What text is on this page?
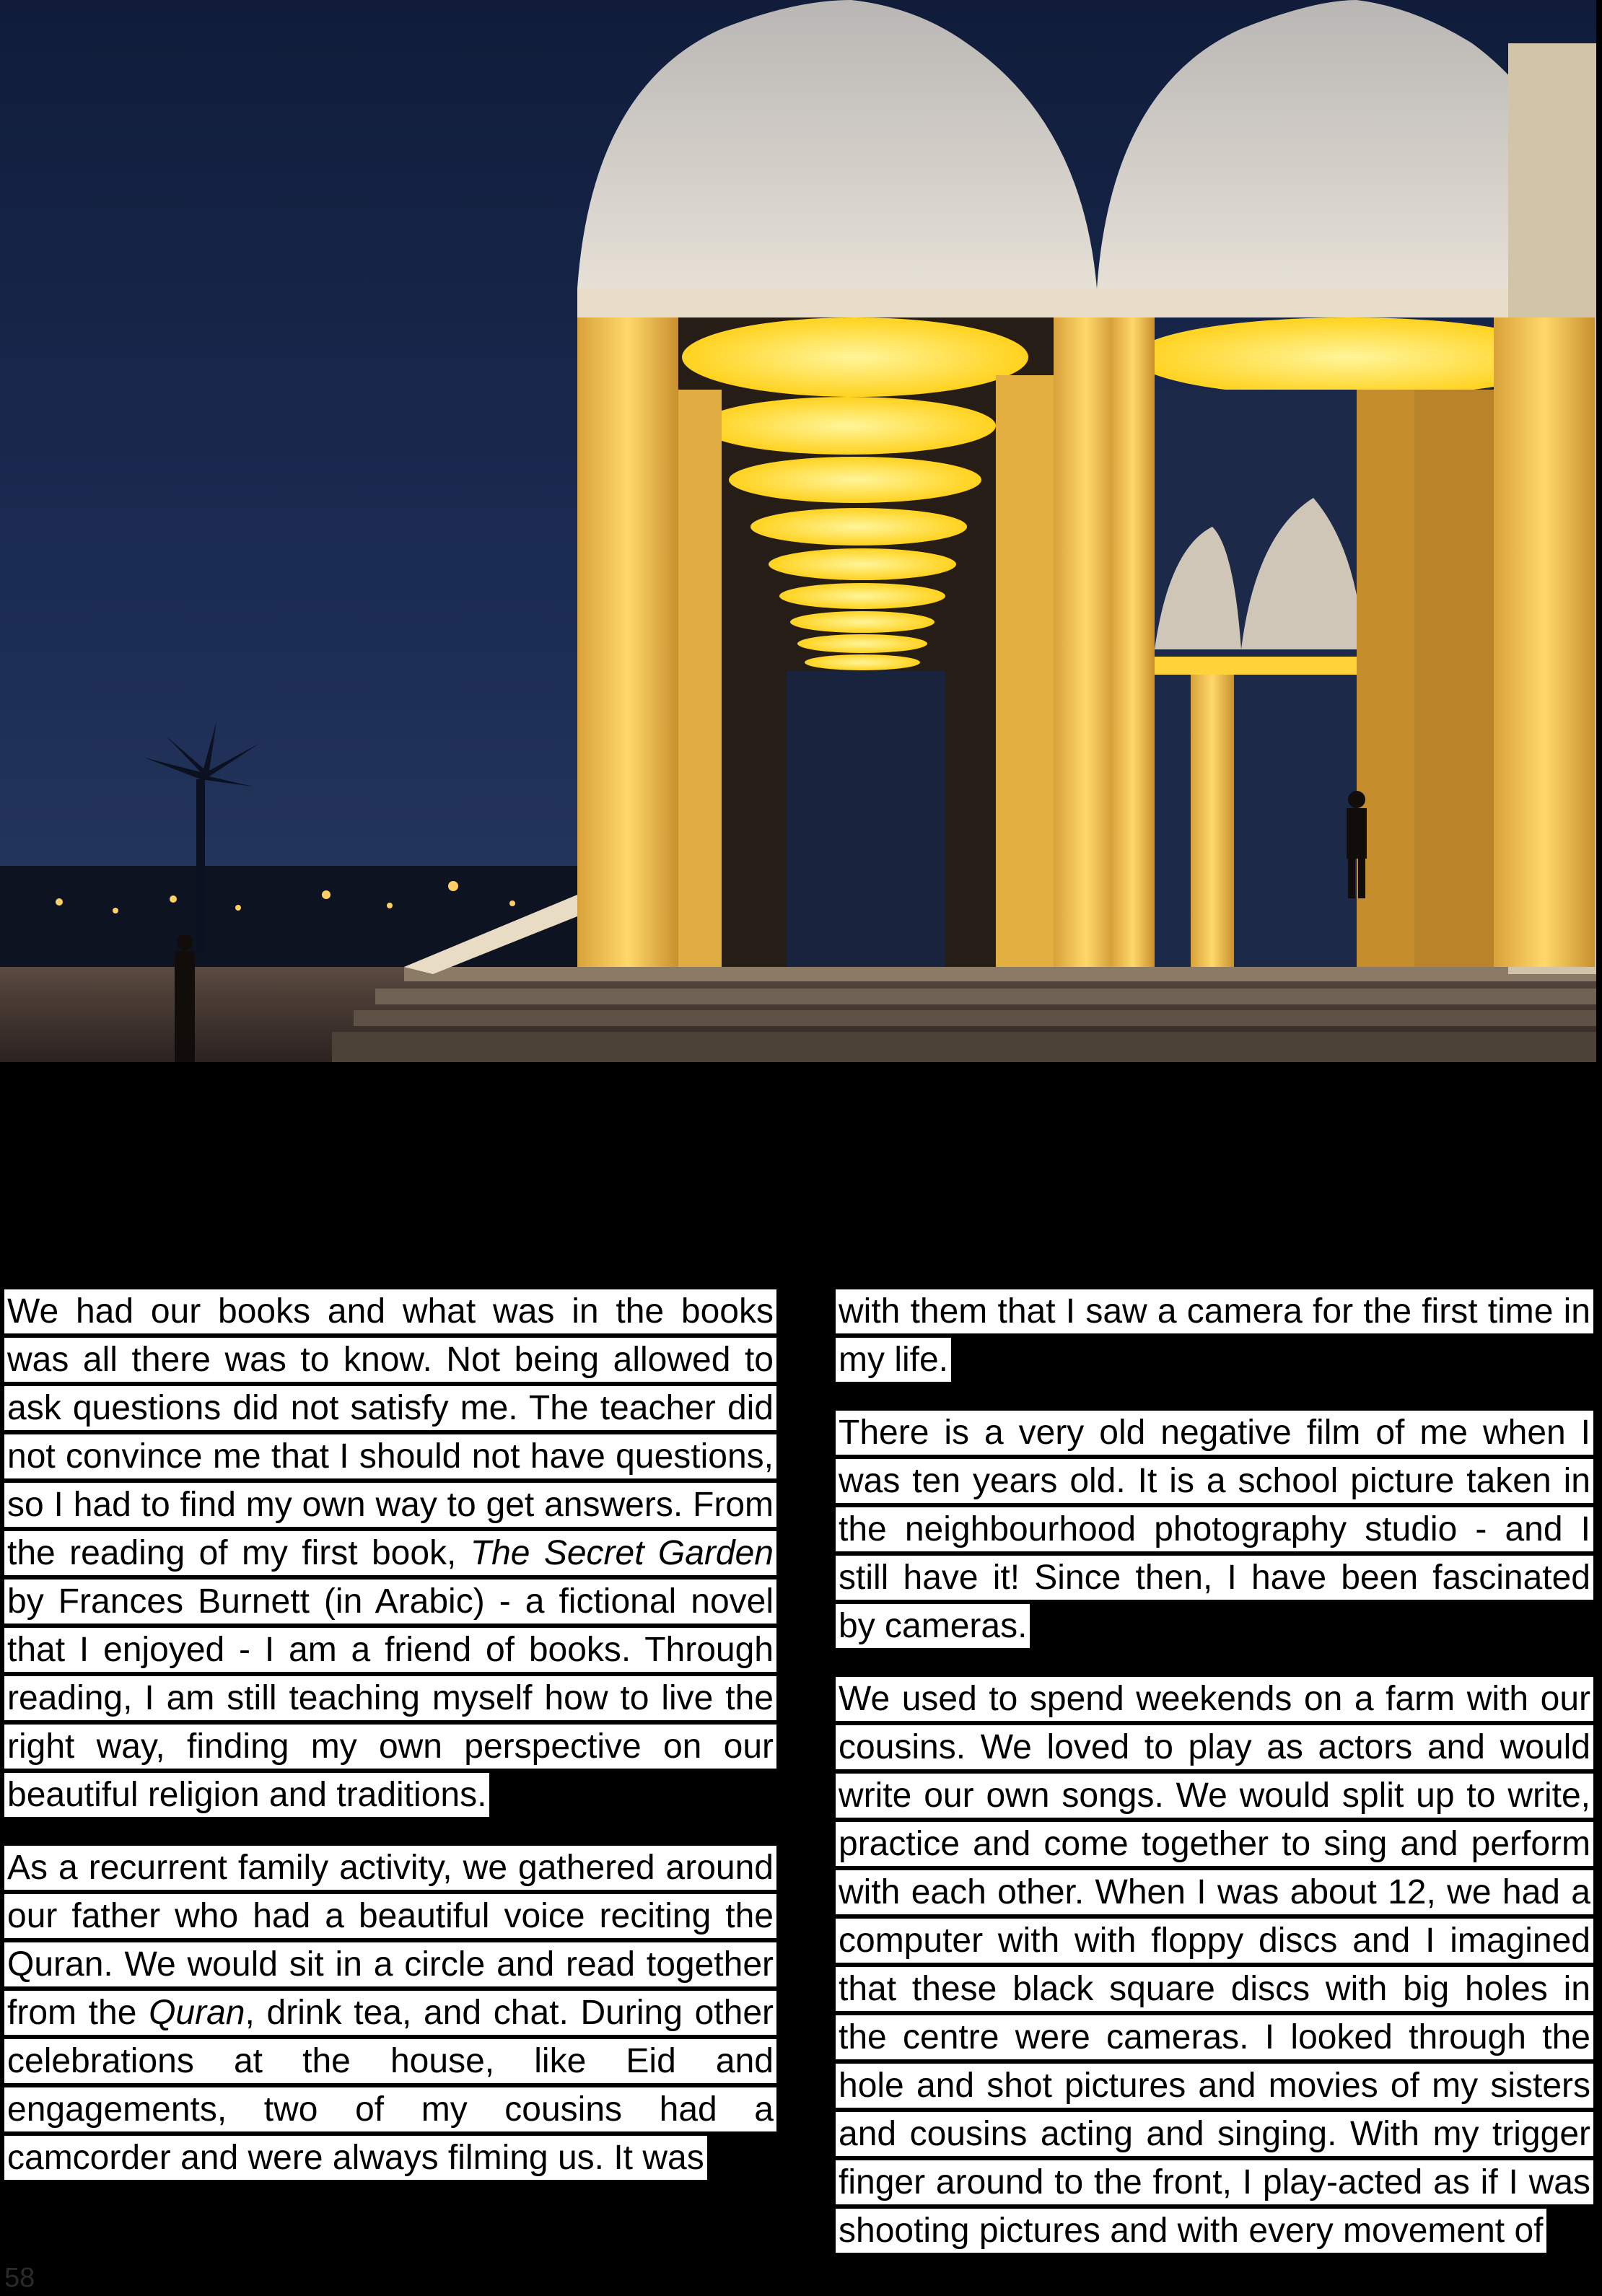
We had our books and what was in the books was all there was to know. Not being allowed to ask questions did not satisfy me. The teacher did not convince me that I should not have questions, so I had to find my own way to get answers. From the reading of my first book, The Secret Garden by Frances Burnett (in Arabic) - a fictional novel that I enjoyed - I am a friend of books. Through reading, I am still teaching myself how to live the right way, finding my own perspective on our beautiful religion and traditions.

As a recurrent family activity, we gathered around our father who had a beautiful voice reciting the Quran. We would sit in a circle and read together from the Quran, drink tea, and chat. During other celebrations at the house, like Eid and engagements, two of my cousins had a camcorder and were always filming us. It was

with them that I saw a camera for the first time in my life.

There is a very old negative film of me when I was ten years old. It is a school picture taken in the neighbourhood photography studio - and I still have it! Since then, I have been fascinated by cameras.

We used to spend weekends on a farm with our cousins. We loved to play as actors and would write our own songs. We would split up to write, practice and come together to sing and perform with each other. When I was about 12, we had a computer with with floppy discs and I imagined that these black square discs with big holes in the centre were cameras. I looked through the hole and shot pictures and movies of my sisters and cousins acting and singing. With my trigger finger around to the front, I play-acted as if I was shooting pictures and with every movement of

58
